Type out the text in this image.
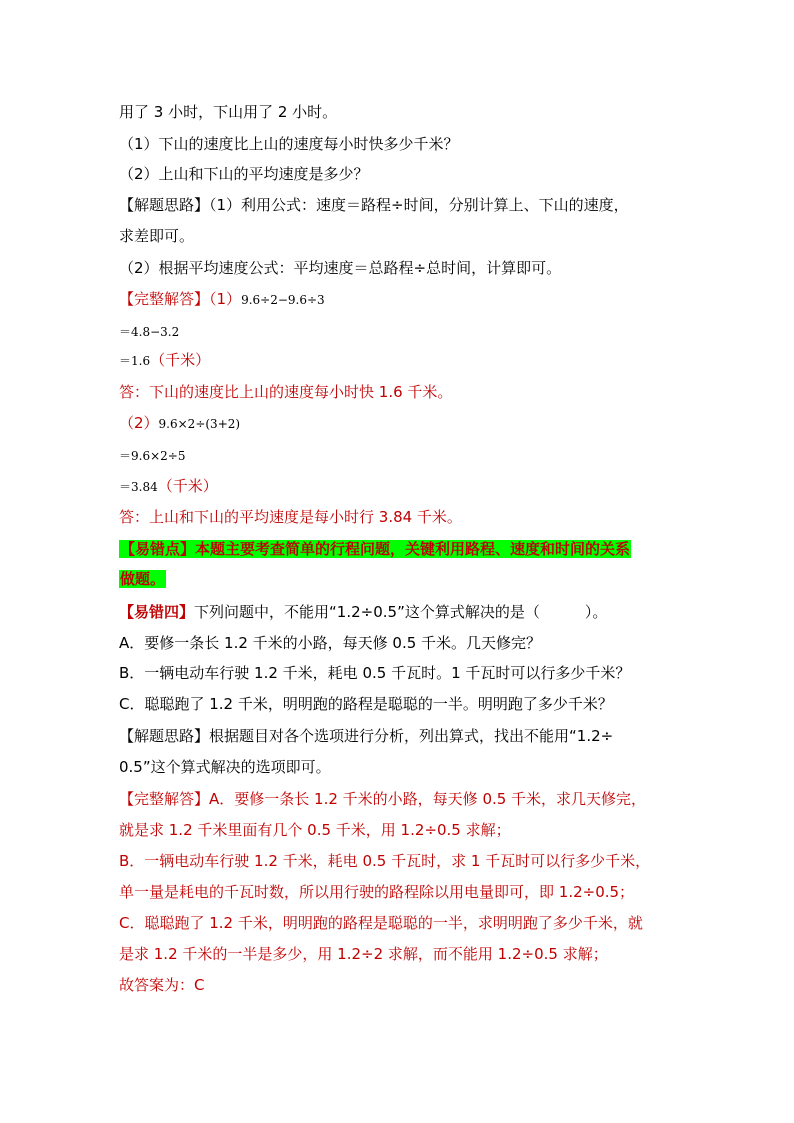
用了 3 小时，下山用了 2 小时。
（1）下山的速度比上山的速度每小时快多少千米？
（2）上山和下山的平均速度是多少？
【解题思路】（1）利用公式：速度＝路程÷时间，分别计算上、下山的速度，
求差即可。
（2）根据平均速度公式：平均速度＝总路程÷总时间，计算即可。
【完整解答】（1）9.6÷2−9.6÷3
＝4.8−3.2
＝1.6（千米）
答：下山的速度比上山的速度每小时快 1.6 千米。
（2）9.6×2÷(3+2)
＝9.6×2÷5
＝3.84（千米）
答：上山和下山的平均速度是每小时行 3.84 千米。
【易错点】本题主要考查简单的行程问题，关键利用路程、速度和时间的关系
做题。
【易错四】下列问题中，不能用“1.2÷0.5”这个算式解决的是（　　　）。
A．要修一条长 1.2 千米的小路，每天修 0.5 千米。几天修完？
B．一辆电动车行驶 1.2 千米，耗电 0.5 千瓦时。1 千瓦时可以行多少千米？
C．聪聪跑了 1.2 千米，明明跑的路程是聪聪的一半。明明跑了多少千米？
【解题思路】根据题目对各个选项进行分析，列出算式，找出不能用“1.2÷
0.5”这个算式解决的选项即可。
【完整解答】A．要修一条长 1.2 千米的小路，每天修 0.5 千米，求几天修完，
就是求 1.2 千米里面有几个 0.5 千米，用 1.2÷0.5 求解；
B．一辆电动车行驶 1.2 千米，耗电 0.5 千瓦时，求 1 千瓦时可以行多少千米，
单一量是耗电的千瓦时数，所以用行驶的路程除以用电量即可，即 1.2÷0.5；
C．聪聪跑了 1.2 千米，明明跑的路程是聪聪的一半，求明明跑了多少千米，就
是求 1.2 千米的一半是多少，用 1.2÷2 求解，而不能用 1.2÷0.5 求解；
故答案为：C
